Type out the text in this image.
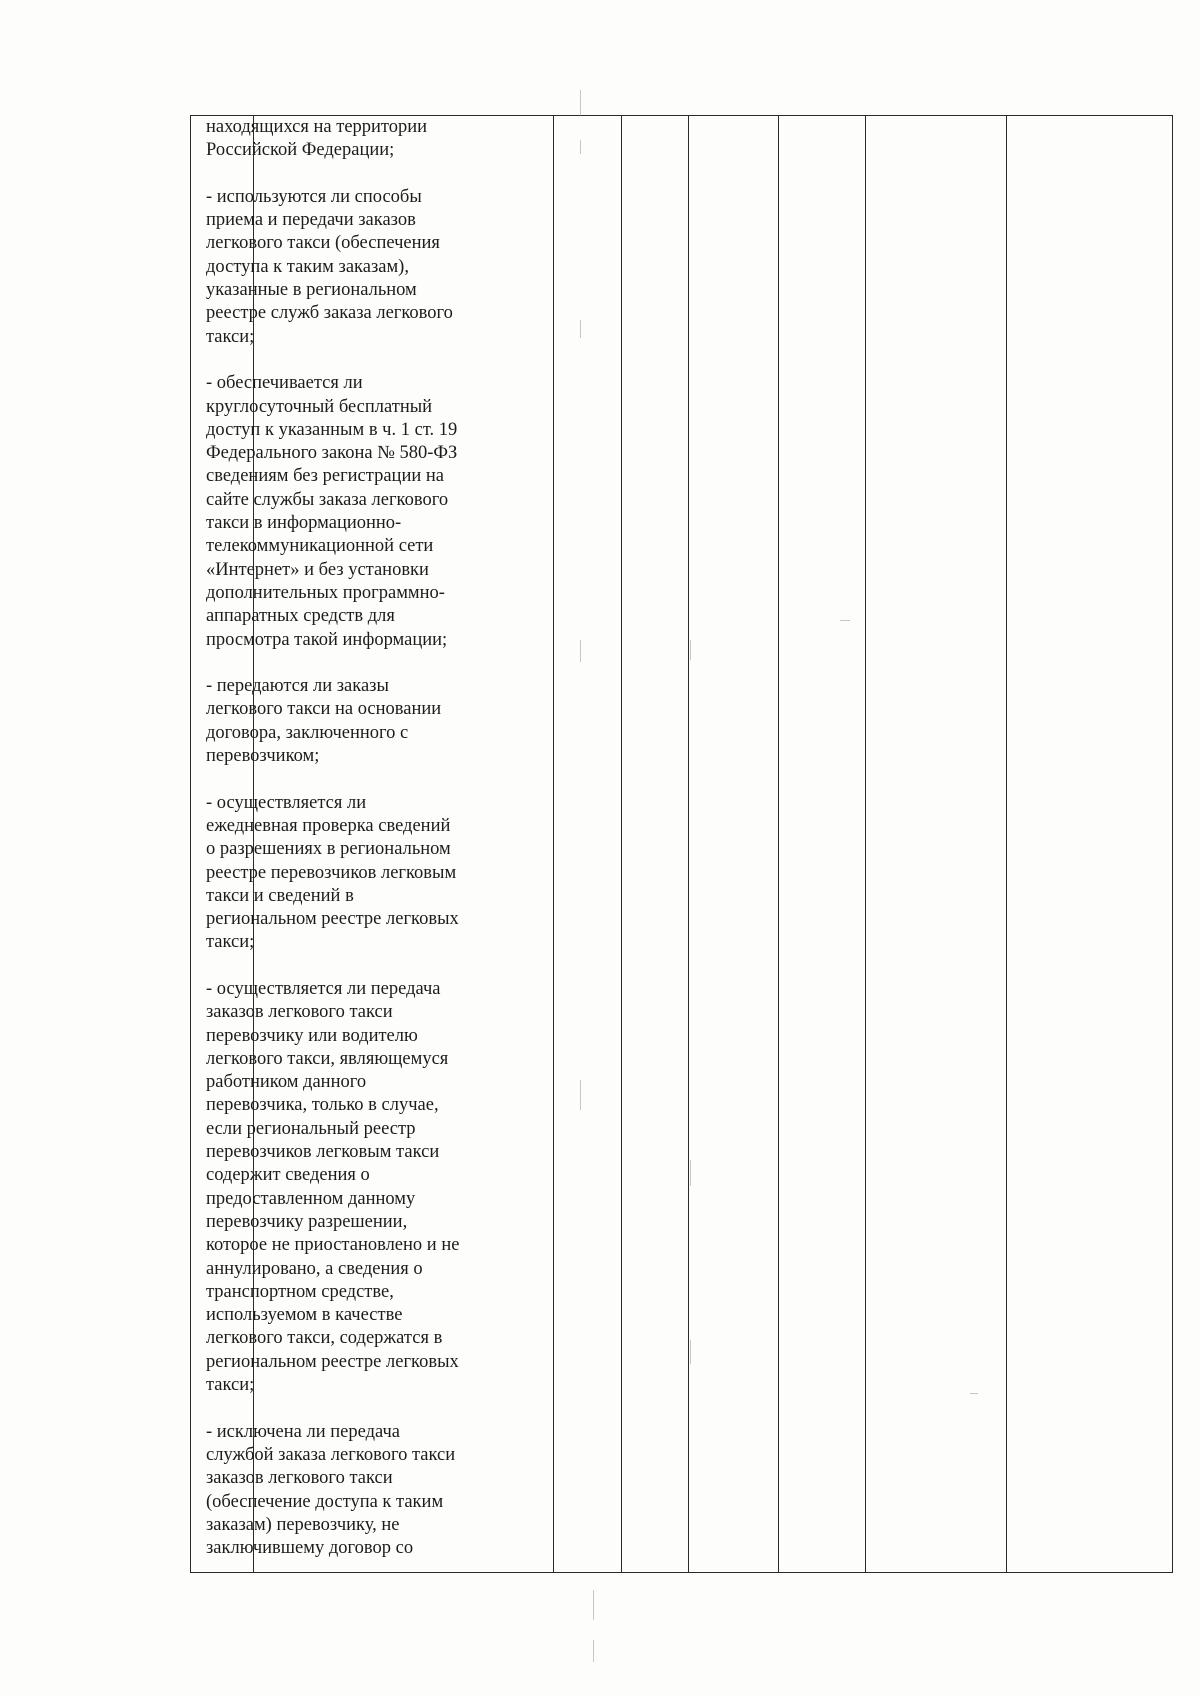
находящихся на территории
Российской Федерации;

- используются ли способы
приема и передачи заказов
легкового такси (обеспечения
доступа к таким заказам),
указанные в региональном
реестре служб заказа легкового
такси;

- обеспечивается ли
круглосуточный бесплатный
доступ к указанным в ч. 1 ст. 19
Федерального закона № 580-ФЗ
сведениям без регистрации на
сайте службы заказа легкового
такси в информационно-
телекоммуникационной сети
«Интернет» и без установки
дополнительных программно-
аппаратных средств для
просмотра такой информации;

- передаются ли заказы
легкового такси на основании
договора, заключенного с
перевозчиком;

- осуществляется ли
ежедневная проверка сведений
о разрешениях в региональном
реестре перевозчиков легковым
такси и сведений в
региональном реестре легковых
такси;

- осуществляется ли передача
заказов легкового такси
перевозчику или водителю
легкового такси, являющемуся
работником данного
перевозчика, только в случае,
если региональный реестр
перевозчиков легковым такси
содержит сведения о
предоставленном данному
перевозчику разрешении,
которое не приостановлено и не
аннулировано, а сведения о
транспортном средстве,
используемом в качестве
легкового такси, содержатся в
региональном реестре легковых
такси;

- исключена ли передача
службой заказа легкового такси
заказов легкового такси
(обеспечение доступа к таким
заказам) перевозчику, не
заключившему договор со
